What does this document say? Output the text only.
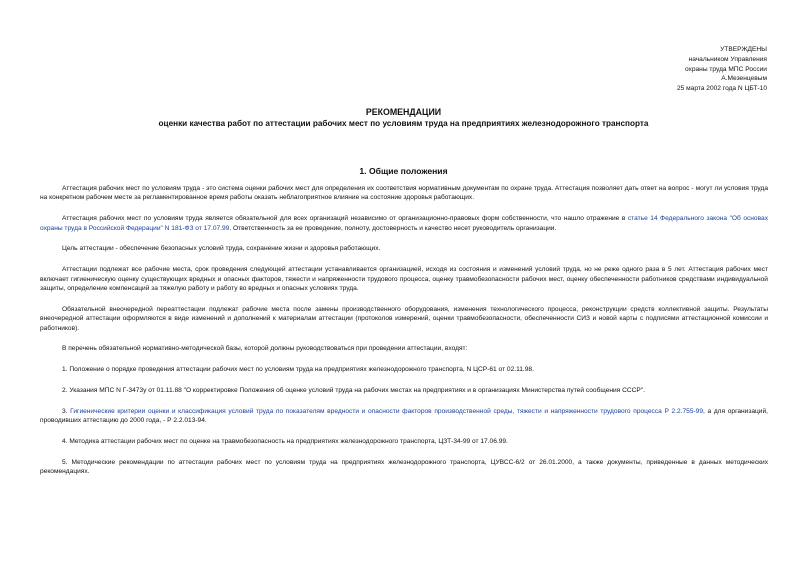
УТВЕРЖДЕНЫ
начальником Управления
охраны труда МПС России
А.Мезенцевым
25 марта 2002 года N ЦБТ-10
РЕКОМЕНДАЦИИ
оценки качества работ по аттестации рабочих мест по условиям труда на предприятиях железнодорожного транспорта
1. Общие положения

Аттестация рабочих мест по условиям труда - это система оценки рабочих мест для определения их соответствия нормативным документам по охране труда. Аттестация позволяет дать ответ на вопрос - могут ли условия труда на конкретном рабочем месте за регламентированное время работы оказать неблагоприятное влияние на состояние здоровья работающих.

Аттестация рабочих мест по условиям труда является обязательной для всех организаций независимо от организационно-правовых форм собственности, что нашло отражение в статье 14 Федерального закона "Об основах охраны труда в Российской Федерации" N 181-ФЗ от 17.07.99. Ответственность за ее проведение, полноту, достоверность и качество несет руководитель организации.

Цель аттестации - обеспечение безопасных условий труда, сохранение жизни и здоровья работающих.

Аттестации подлежат все рабочие места, срок проведения следующей аттестации устанавливается организацией, исходя из состояния и изменений условий труда, но не реже одного раза в 5 лет. Аттестация рабочих мест включает гигиеническую оценку существующих вредных и опасных факторов, тяжести и напряженности трудового процесса, оценку травмобезопасности рабочих мест, оценку обеспеченности работников средствами индивидуальной защиты, определение компенсаций за тяжелую работу и работу во вредных и опасных условиях труда.

Обязательной внеочередной переаттестации подлежат рабочие места после замены производственного оборудования, изменения технологического процесса, реконструкции средств коллективной защиты. Результаты внеочередной аттестации оформляются в виде изменений и дополнений к материалам аттестации (протоколов измерений, оценки травмобезопасности, обеспеченности СИЗ и новой карты с подписями аттестационной комиссии и работников).

В перечень обязательной нормативно-методической базы, которой должны руководствоваться при проведении аттестации, входят:

1. Положение о порядке проведения аттестации рабочих мест по условиям труда на предприятиях железнодорожного транспорта, N ЦСР-61 от 02.11.98.

2. Указания МПС N Г-3473у от 01.11.88 "О корректировке Положения об оценке условий труда на рабочих местах на предприятиях и в организациях Министерства путей сообщения СССР".

3. Гигиенические критерии оценки и классификация условий труда по показателям вредности и опасности факторов производственной среды, тяжести и напряженности трудового процесса Р 2.2.755-99, а для организаций, проводивших аттестацию до 2000 года, - Р 2.2.013-94.

4. Методика аттестации рабочих мест по оценке на травмобезопасность на предприятиях железнодорожного транспорта, ЦЗТ-34-99 от 17.06.99.

5. Методические рекомендации по аттестации рабочих мест по условиям труда на предприятиях железнодорожного транспорта, ЦУВСС-6/2 от 26.01.2000, а также документы, приведенные в данных методических рекомендациях.
